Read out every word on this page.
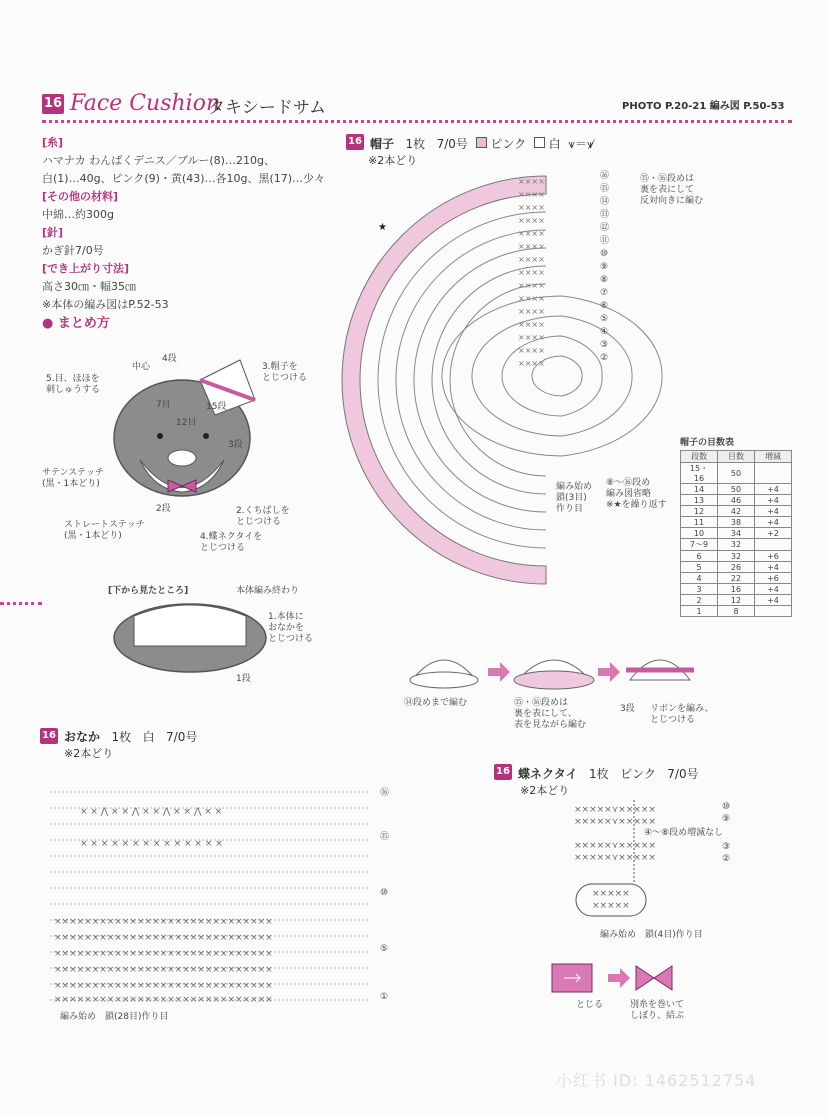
16 Face Cushion
タキシードサム	PHOTO P.20-21 編み図 P.50-53
[糸]
ハマナカ わんぱくデニス／ブルー(8)…210g、
白(1)…40g、ピンク(9)・黄(43)…各10g、黒(17)…少々
[その他の材料]
中綿…約300g
[針]
かぎ針7/0号
[でき上がり寸法]
高さ30㎝・幅35㎝
※本体の編み図はP.52-53
● まとめ方
中心
4段
3.帽子を
とじつける
5.目、ほほを
刺しゅうする
7目	15段
12目
3段
サテンステッチ
(黒・1本どり)
2段	2.くちばしを
とじつける
ストレートステッチ
(黒・1本どり)	4.蝶ネクタイを
とじつける
[下から見たところ]	本体編み終わり
1.本体に
おなかを
とじつける
1段
16 帽子 1枚 7/0号 ピンク 白 ⩛＝⩛̸
※2本どり
××××
××××
××××
××××
××××
××××
××××
××××
××××
××××
××××
××××
××××
××××
××××
★
⑯
⑮
⑭
⑬
⑫
⑪
⑩
⑨
⑧
⑦
⑥
⑤
④
③
②
⑮・⑯段めは
裏を表にして
反対向きに編む
編み始め
鎖(3目)
作り目
⑧〜⑯段め
編み図省略
※★を繰り返す
帽子の目数表
段数	目数	増減
15・16	50	
14	50	+4
13	46	+4
12	42	+4
11	38	+4
10	34	+2
7〜9	32	
6	32	+6
5	26	+4
4	22	+6
3	16	+4
2	12	+4
1	8	
⑭段めまで編む	⑮・⑯段めは
裏を表にして、
表を見ながら編む
3段 リボンを編み、
とじつける
16 おなか 1枚 白 7/0号
※2本どり
×××××××××××××××××××××××××××××
×××××××××××××××××××××××××××××
×××××××××××××××××××××××××××××
×××××××××××××××××××××××××××××
×××××××××××××××××××××××××××××
×××××××××××××××××××××××××××××
× × ⋀ × × ⋀ × × ⋀ × × ⋀ × ×
× × × × × × × × × × × × × ×
⑯
⑮
⑩
⑤
①
編み始め　鎖(28目)作り目
16 蝶ネクタイ 1枚 ピンク 7/0号
※2本どり
×××××⋎×××××
×××××⋎×××××
×××××⋎×××××
×××××⋎×××××
×××××
×××××
⑩
⑨
④〜⑧段め増減なし
③
②
編み始め　鎖(4目)作り目
とじる	別糸を巻いて
しぼり、結ぶ
小红书 ID: 1462512754
